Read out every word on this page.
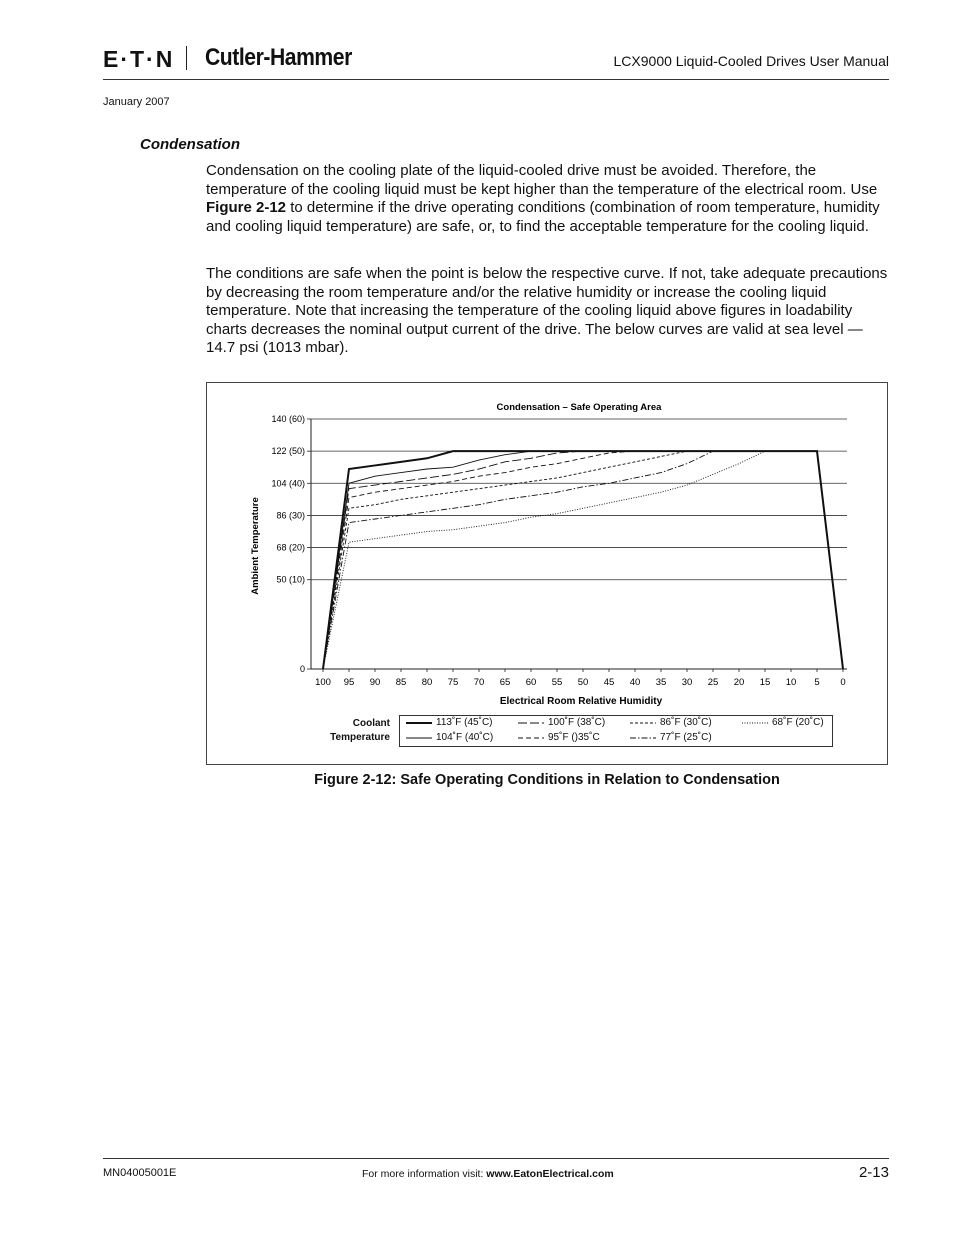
E·T·N Cutler-Hammer	LCX9000 Liquid-Cooled Drives User Manual
January 2007
Condensation

Condensation on the cooling plate of the liquid-cooled drive must be avoided. Therefore, the temperature of the cooling liquid must be kept higher than the temperature of the electrical room. Use Figure 2-12 to determine if the drive operating conditions (combination of room temperature, humidity and cooling liquid temperature) are safe, or, to find the acceptable temperature for the cooling liquid.

The conditions are safe when the point is below the respective curve. If not, take adequate precautions by decreasing the room temperature and/or the relative humidity or increase the cooling liquid temperature. Note that increasing the temperature of the cooling liquid above figures in loadability charts decreases the nominal output current of the drive. The below curves are valid at sea level — 14.7 psi (1013 mbar).

0
50 (10)
68 (20)
86 (30)
104 (40)
122 (50)
140 (60)
100 95 90 85 80 75 70 65 60 55 50 45 40 35 30 25 20 15 10 5 0
Condensation – Safe Operating Area
Electrical Room Relative Humidity
Ambient Temperature
Coolant
Temperature
113˚F (45˚C)	100˚F (38˚C)	86˚F (30˚C)	68˚F (20˚C)
104˚F (40˚C)	95˚F ()35˚C	77˚F (25˚C)
Figure 2-12: Safe Operating Conditions in Relation to Condensation
MN04005001E	For more information visit: www.EatonElectrical.com	2-13
